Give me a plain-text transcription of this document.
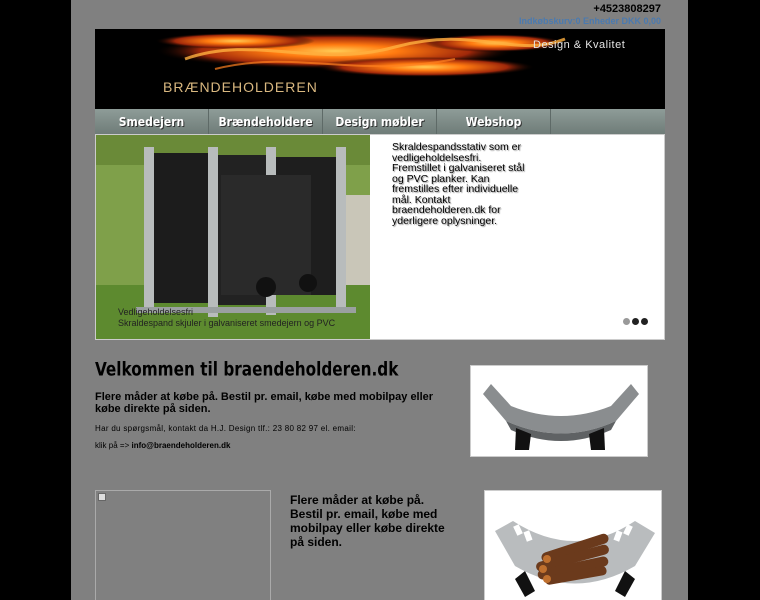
+4523808297
Indkøbskurv:0 Enheder DKK 0,00
BRÆNDEHOLDEREN
Design & Kvalitet
Smedejern	Brændeholdere	Design møbler	Webshop
Vedligeholdelsesfri
Skraldespand skjuler i galvaniseret smedejern og PVC
Skraldespandsstativ som er vedligeholdelsesfri. Fremstillet i galvaniseret stål og PVC planker. Kan fremstilles efter individuelle mål. Kontakt braendeholderen.dk for yderligere oplysninger.
Velkommen til braendeholderen.dk
Flere måder at købe på. Bestil pr. email, købe med mobilpay eller købe direkte på siden.
Har du spørgsmål, kontakt da H.J. Design tlf.: 23 80 82 97 el. email:
klik på => info@braendeholderen.dk
Flere måder at købe på. Bestil pr. email, købe med mobilpay eller købe direkte på siden.
